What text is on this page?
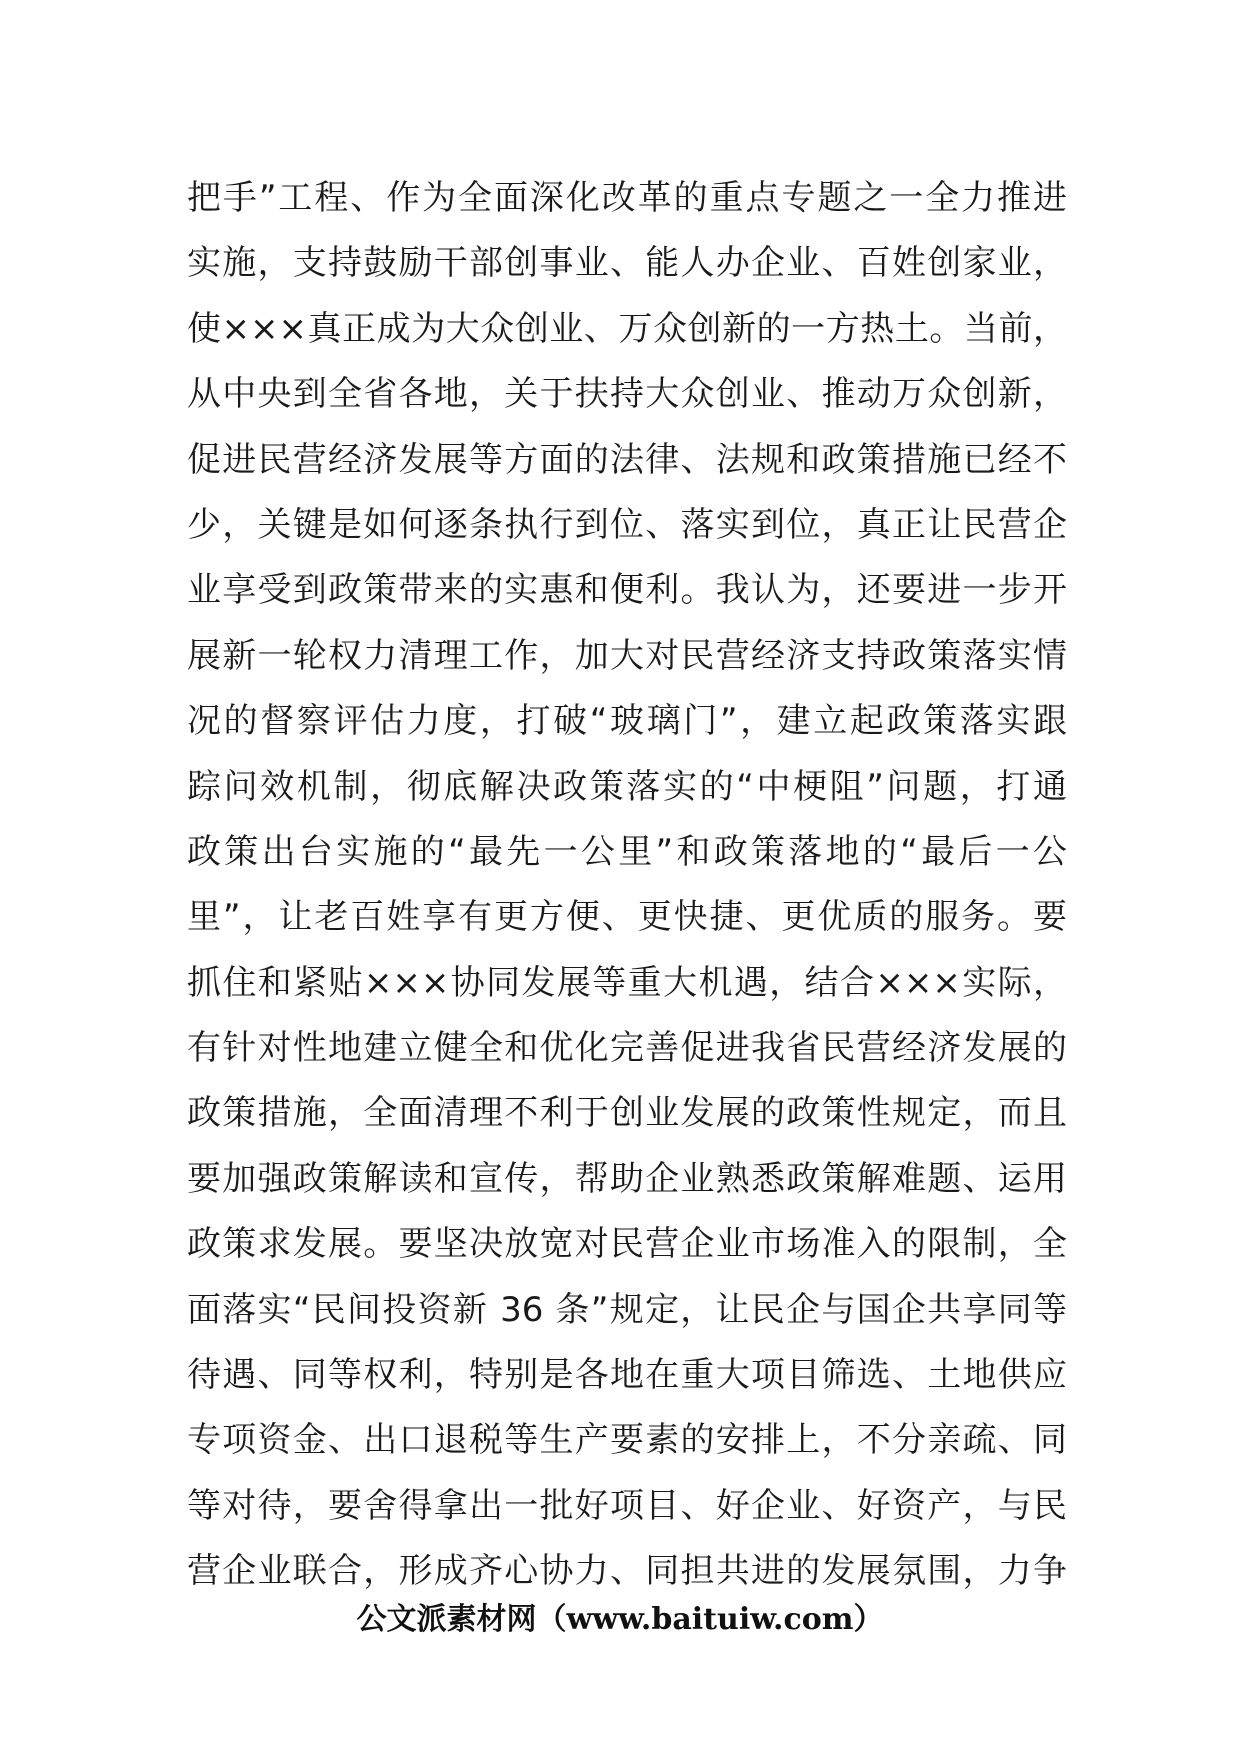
把手”工程、作为全面深化改革的重点专题之一全力推进
实施，支持鼓励干部创事业、能人办企业、百姓创家业，
使×××真正成为大众创业、万众创新的一方热土。当前，
从中央到全省各地，关于扶持大众创业、推动万众创新，
促进民营经济发展等方面的法律、法规和政策措施已经不
少，关键是如何逐条执行到位、落实到位，真正让民营企
业享受到政策带来的实惠和便利。我认为，还要进一步开
展新一轮权力清理工作，加大对民营经济支持政策落实情
况的督察评估力度，打破“玻璃门”，建立起政策落实跟
踪问效机制，彻底解决政策落实的“中梗阻”问题，打通
政策出台实施的“最先一公里”和政策落地的“最后一公
里”，让老百姓享有更方便、更快捷、更优质的服务。要
抓住和紧贴×××协同发展等重大机遇，结合×××实际，
有针对性地建立健全和优化完善促进我省民营经济发展的
政策措施，全面清理不利于创业发展的政策性规定，而且
要加强政策解读和宣传，帮助企业熟悉政策解难题、运用
政策求发展。要坚决放宽对民营企业市场准入的限制，全
面落实“民间投资新 36 条”规定，让民企与国企共享同等
待遇、同等权利，特别是各地在重大项目筛选、土地供应
专项资金、出口退税等生产要素的安排上，不分亲疏、同
等对待，要舍得拿出一批好项目、好企业、好资产，与民
营企业联合，形成齐心协力、同担共进的发展氛围，力争
公文派素材网（www.baituiw.com）
